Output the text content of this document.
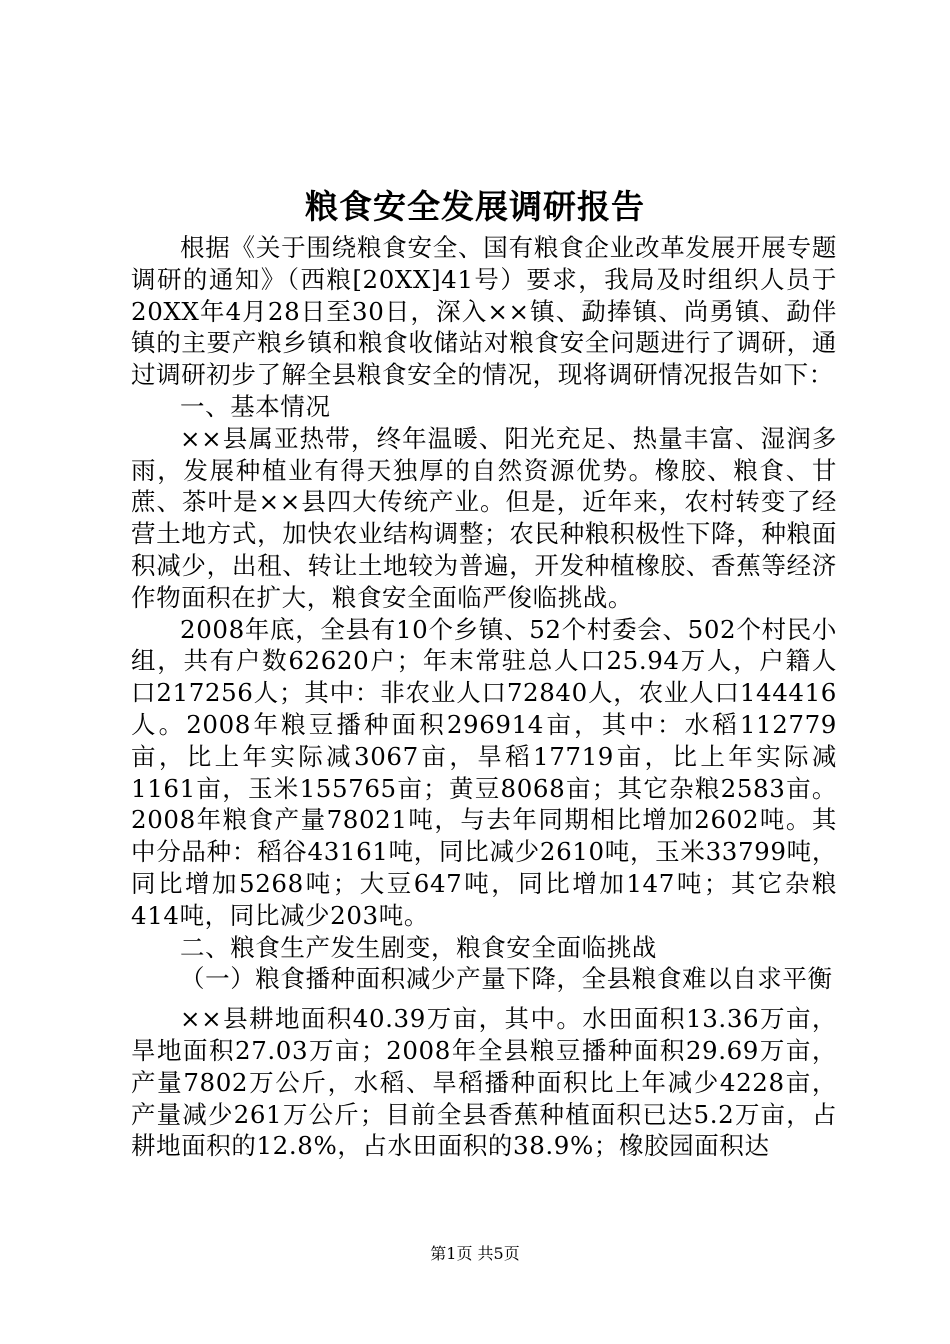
粮食安全发展调研报告

根据《关于围绕粮食安全、国有粮食企业改革发展开展专题调研的通知》（西粮[20XX]41号）要求，我局及时组织人员于20XX年4月28日至30日，深入××镇、勐捧镇、尚勇镇、勐伴镇的主要产粮乡镇和粮食收储站对粮食安全问题进行了调研，通过调研初步了解全县粮食安全的情况，现将调研情况报告如下：

一、基本情况

××县属亚热带，终年温暖、阳光充足、热量丰富、湿润多雨，发展种植业有得天独厚的自然资源优势。橡胶、粮食、甘蔗、茶叶是××县四大传统产业。但是，近年来，农村转变了经营土地方式，加快农业结构调整；农民种粮积极性下降，种粮面积减少，出租、转让土地较为普遍，开发种植橡胶、香蕉等经济作物面积在扩大，粮食安全面临严俊临挑战。

2008年底，全县有10个乡镇、52个村委会、502个村民小组，共有户数62620户；年末常驻总人口25.94万人，户籍人口217256人；其中：非农业人口72840人，农业人口144416人。2008年粮豆播种面积296914亩，其中：水稻112779亩，比上年实际减3067亩，旱稻17719亩，比上年实际减1161亩，玉米155765亩；黄豆8068亩；其它杂粮2583亩。2008年粮食产量78021吨，与去年同期相比增加2602吨。其中分品种：稻谷43161吨，同比减少2610吨，玉米33799吨，同比增加5268吨；大豆647吨，同比增加147吨；其它杂粮414吨，同比减少203吨。

二、粮食生产发生剧变，粮食安全面临挑战

（一）粮食播种面积减少产量下降，全县粮食难以自求平衡

××县耕地面积40.39万亩，其中。水田面积13.36万亩，旱地面积27.03万亩；2008年全县粮豆播种面积29.69万亩，产量7802万公斤，水稻、旱稻播种面积比上年减少4228亩，产量减少261万公斤；目前全县香蕉种植面积已达5.2万亩，占耕地面积的12.8%，占水田面积的38.9%；橡胶园面积达

第1页 共5页
